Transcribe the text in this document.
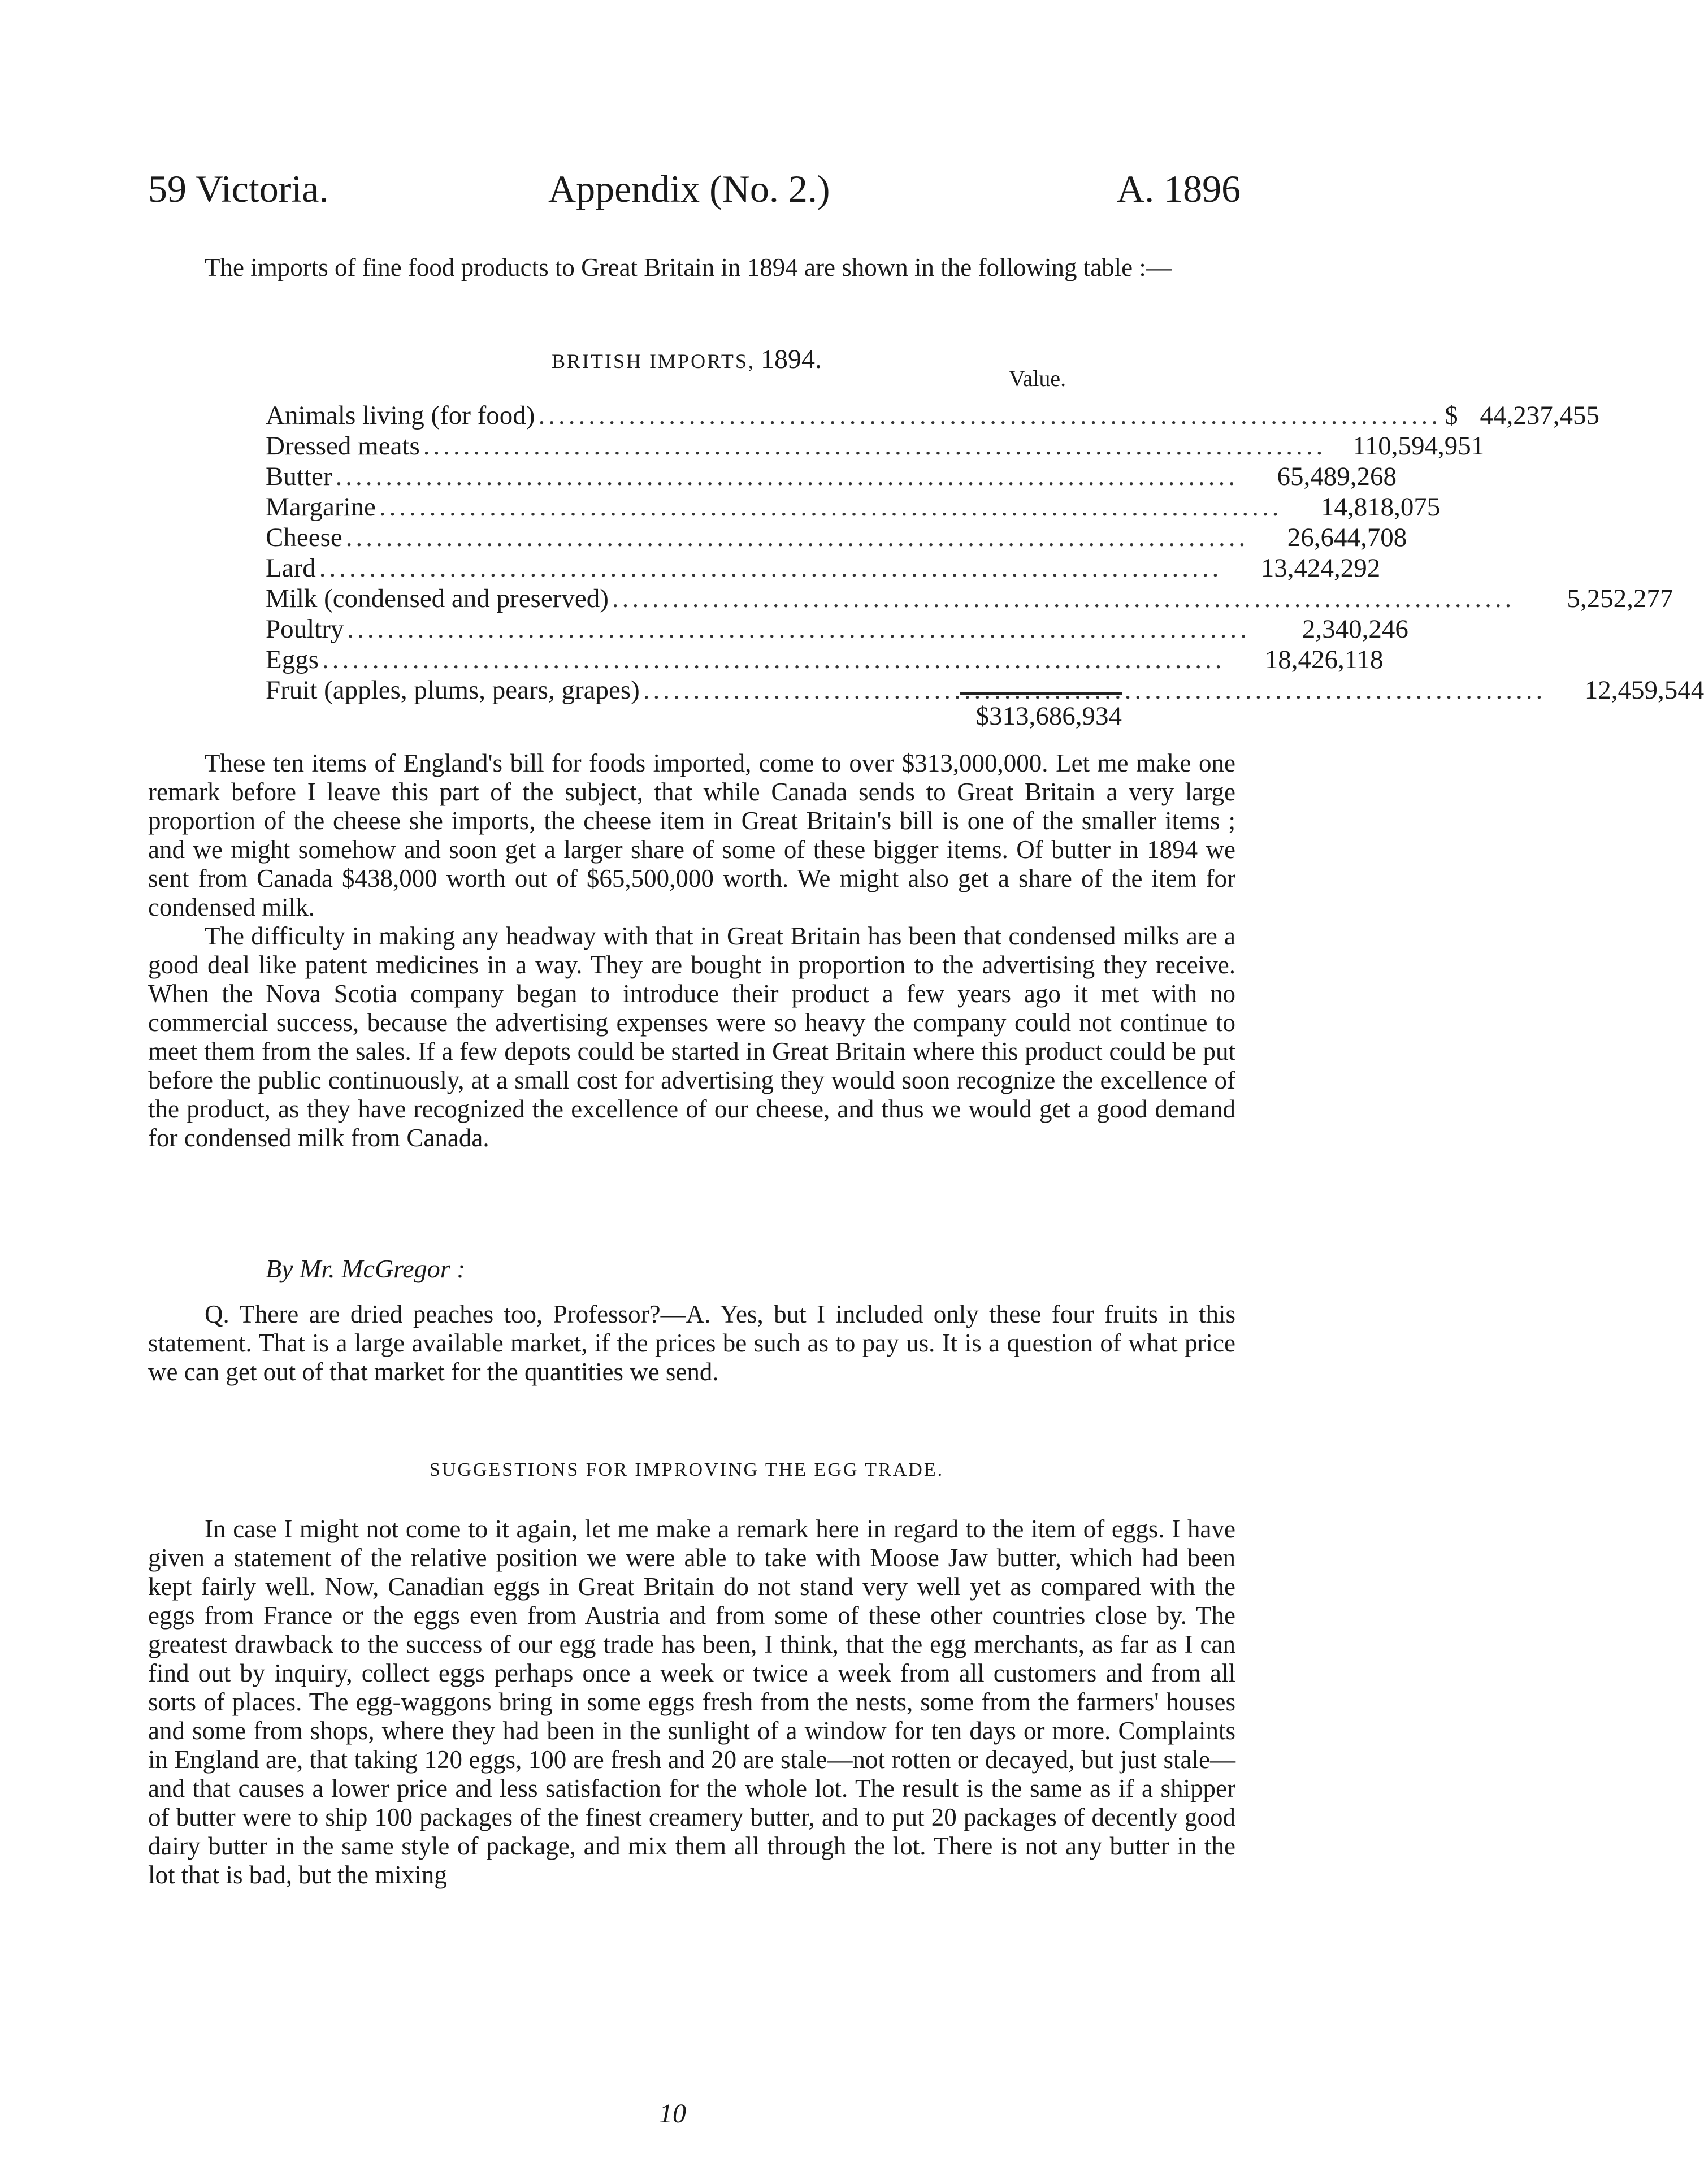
59 Victoria.	Appendix (No. 2.)	A. 1896

The imports of fine food products to Great Britain in 1894 are shown in the following table :—

BRITISH IMPORTS, 1894.
Value.
Animals living (for food) .......................................................................................... $ 44,237,455
Dressed meats .......................................................................................... 110,594,951
Butter ..........................................................................................	65,489,268
Margarine ..........................................................................................	14,818,075
Cheese ..........................................................................................	26,644,708
Lard ..........................................................................................	13,424,292
Milk (condensed and preserved) ..........................................................................................	5,252,277
Poultry ..........................................................................................	2,340,246
Eggs ..........................................................................................	18,426,118
Fruit (apples, plums, pears, grapes) ..........................................................................................	12,459,544
$313,686,934

These ten items of England's bill for foods imported, come to over $313,000,000. Let me make one remark before I leave this part of the subject, that while Canada sends to Great Britain a very large proportion of the cheese she imports, the cheese item in Great Britain's bill is one of the smaller items ; and we might somehow and soon get a larger share of some of these bigger items. Of butter in 1894 we sent from Canada $438,000 worth out of $65,500,000 worth. We might also get a share of the item for condensed milk.

The difficulty in making any headway with that in Great Britain has been that condensed milks are a good deal like patent medicines in a way. They are bought in proportion to the advertising they receive. When the Nova Scotia company began to introduce their product a few years ago it met with no commercial success, because the advertising expenses were so heavy the company could not continue to meet them from the sales. If a few depots could be started in Great Britain where this product could be put before the public continuously, at a small cost for advertising they would soon recognize the excellence of the product, as they have recognized the excellence of our cheese, and thus we would get a good demand for condensed milk from Canada.

By Mr. McGregor :

Q. There are dried peaches too, Professor?—A. Yes, but I included only these four fruits in this statement. That is a large available market, if the prices be such as to pay us. It is a question of what price we can get out of that market for the quantities we send.

SUGGESTIONS FOR IMPROVING THE EGG TRADE.

In case I might not come to it again, let me make a remark here in regard to the item of eggs. I have given a statement of the relative position we were able to take with Moose Jaw butter, which had been kept fairly well. Now, Canadian eggs in Great Britain do not stand very well yet as compared with the eggs from France or the eggs even from Austria and from some of these other countries close by. The greatest drawback to the success of our egg trade has been, I think, that the egg merchants, as far as I can find out by inquiry, collect eggs perhaps once a week or twice a week from all customers and from all sorts of places. The egg-waggons bring in some eggs fresh from the nests, some from the farmers' houses and some from shops, where they had been in the sunlight of a window for ten days or more. Complaints in England are, that taking 120 eggs, 100 are fresh and 20 are stale—not rotten or decayed, but just stale—and that causes a lower price and less satisfaction for the whole lot. The result is the same as if a shipper of butter were to ship 100 packages of the finest creamery butter, and to put 20 packages of decently good dairy butter in the same style of package, and mix them all through the lot. There is not any butter in the lot that is bad, but the mixing

10
